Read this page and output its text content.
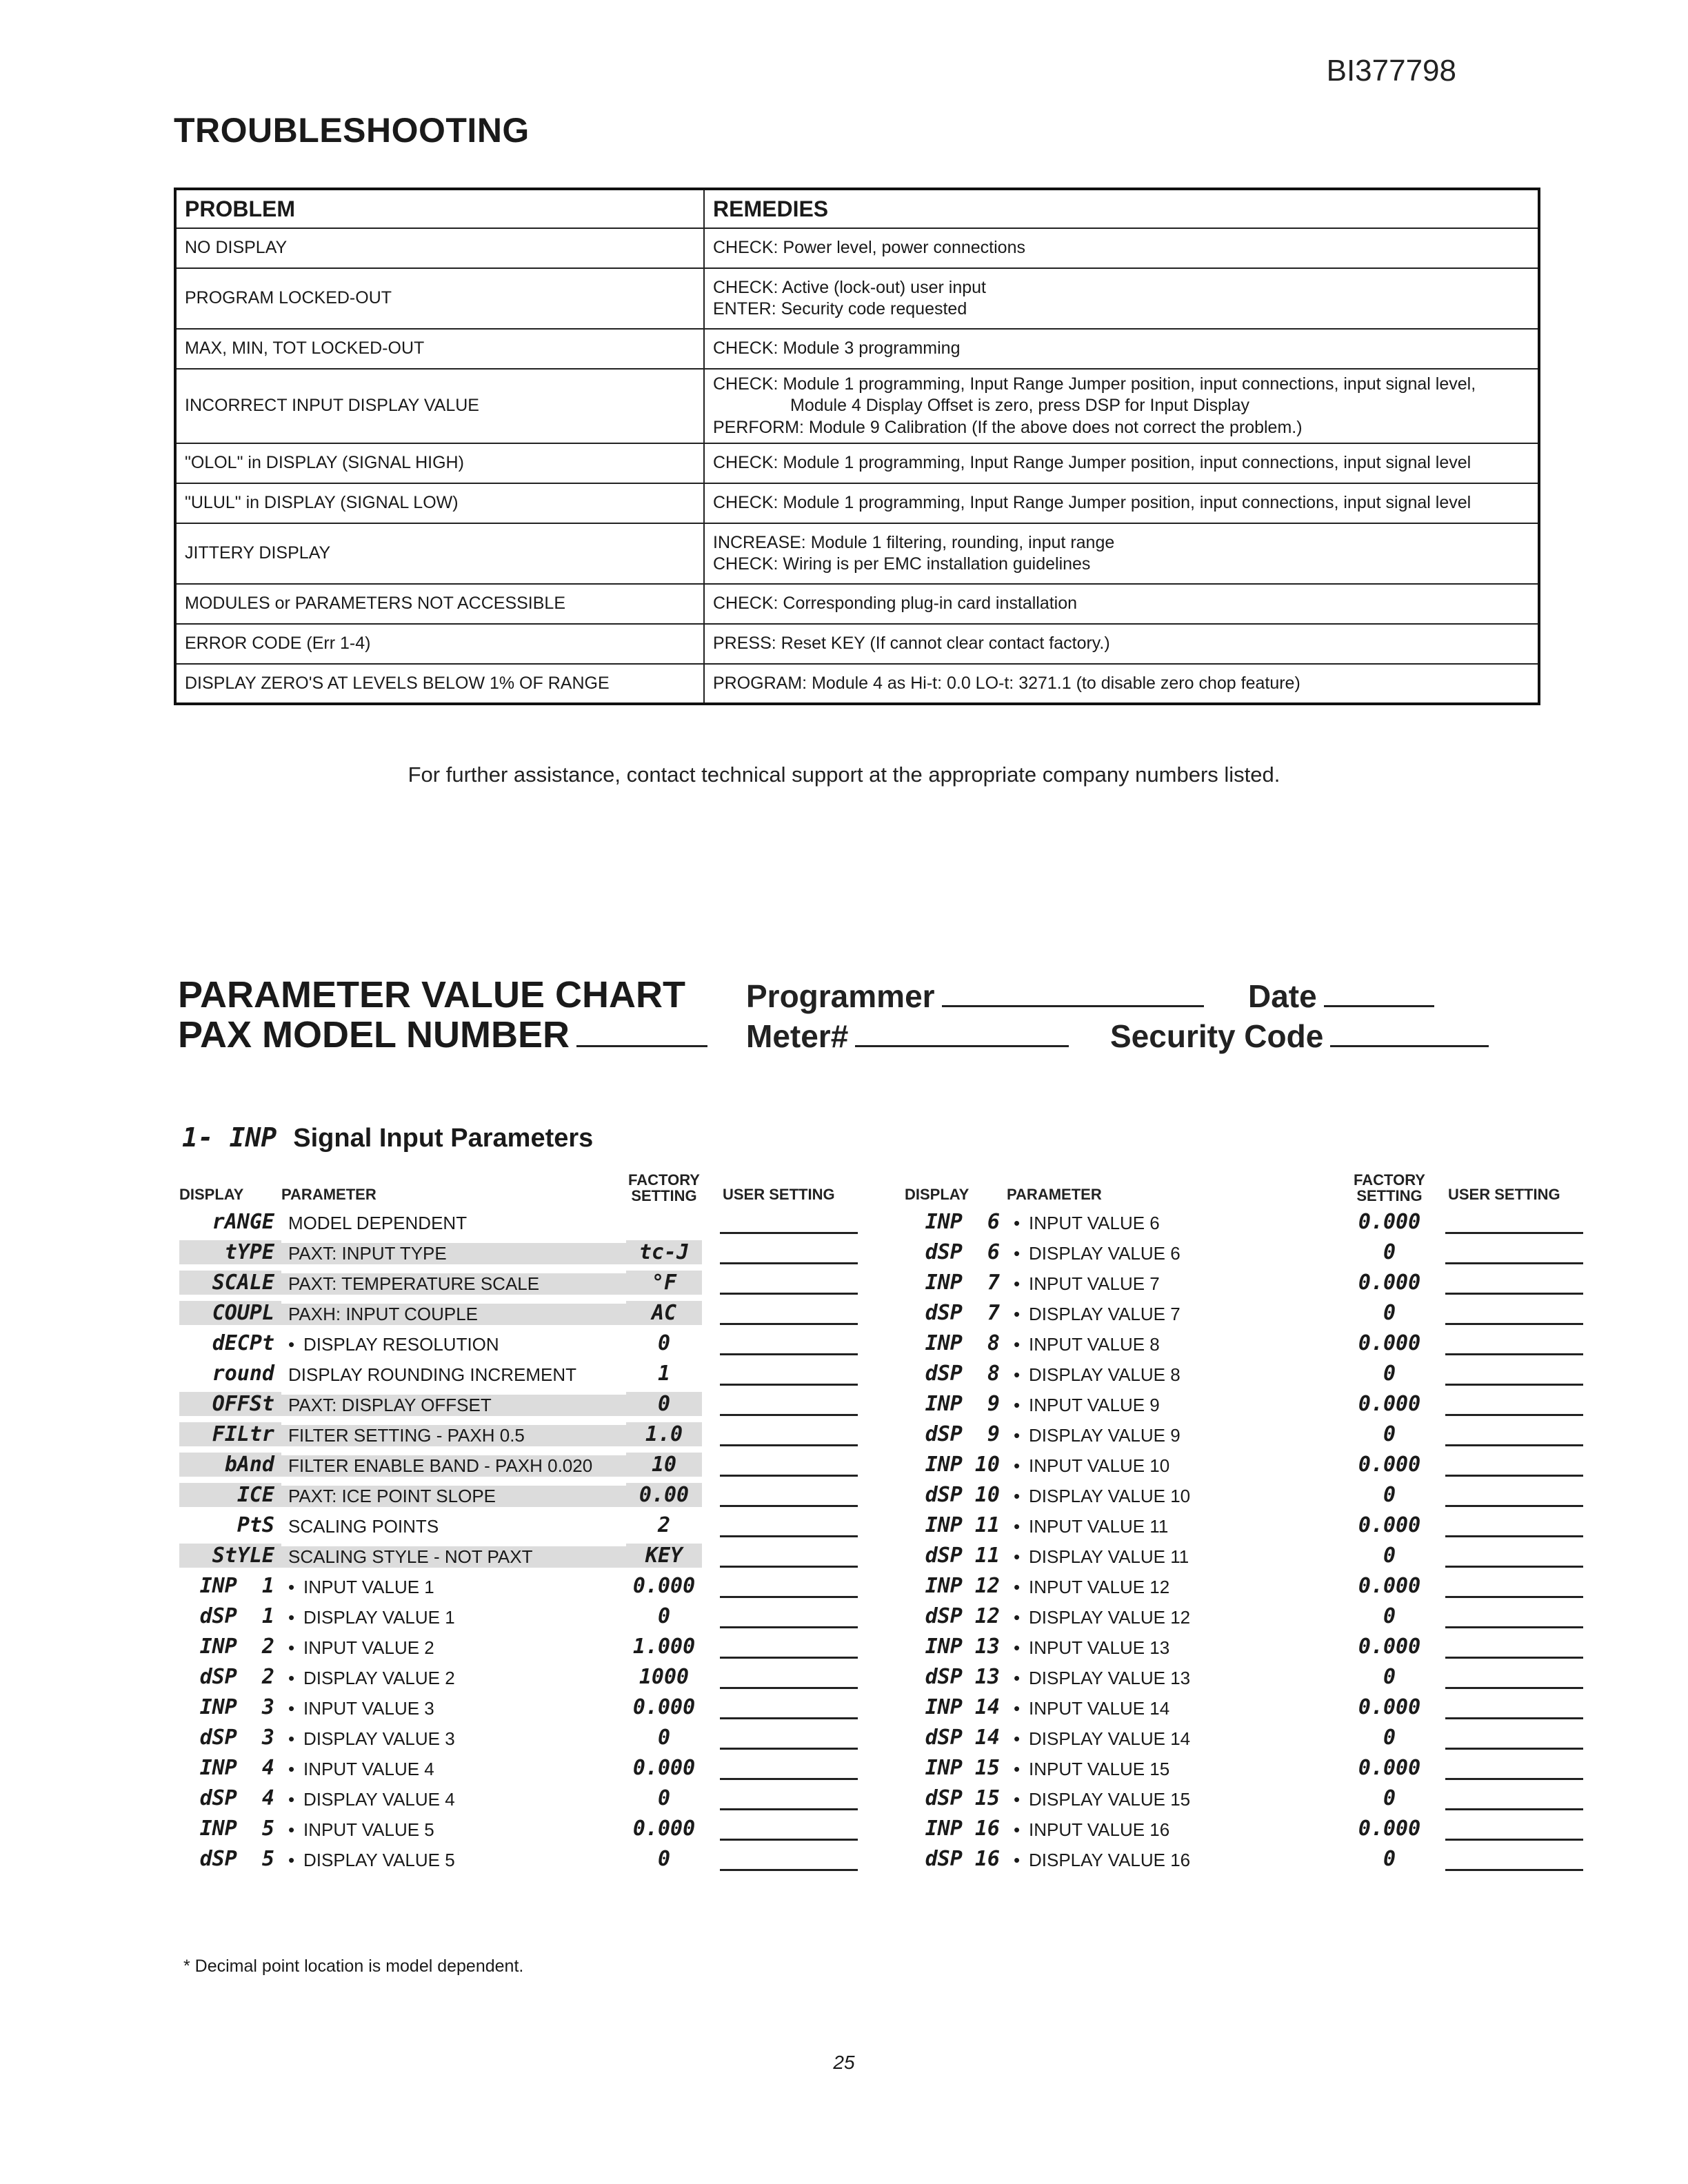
BI377798
TROUBLESHOOTING
PROBLEM	REMEDIES
NO DISPLAY	CHECK: Power level, power connections

PROGRAM LOCKED-OUT	CHECK: Active (lock-out) user input
ENTER: Security code requested

MAX, MIN, TOT LOCKED-OUT	CHECK: Module 3 programming

INCORRECT INPUT DISPLAY VALUE	CHECK: Module 1 programming, Input Range Jumper position, input connections, input signal level,
Module 4 Display Offset is zero, press DSP for Input Display
PERFORM: Module 9 Calibration (If the above does not correct the problem.)

"OLOL" in DISPLAY (SIGNAL HIGH)	CHECK: Module 1 programming, Input Range Jumper position, input connections, input signal level

"ULUL" in DISPLAY (SIGNAL LOW)	CHECK: Module 1 programming, Input Range Jumper position, input connections, input signal level

JITTERY DISPLAY	INCREASE: Module 1 filtering, rounding, input range
CHECK: Wiring is per EMC installation guidelines

MODULES or PARAMETERS NOT ACCESSIBLE	CHECK: Corresponding plug-in card installation

ERROR CODE (Err 1-4)	PRESS: Reset KEY (If cannot clear contact factory.)

DISPLAY ZERO'S AT LEVELS BELOW 1% OF RANGE	PROGRAM: Module 4 as Hi-t: 0.0 LO-t: 3271.1 (to disable zero chop feature)
For further assistance, contact technical support at the appropriate company numbers listed.
PARAMETER VALUE CHART
PAX MODEL NUMBER
Programmer	Date
Meter#	Security Code
1- INP Signal Input Parameters
DISPLAY	PARAMETER
FACTORY SETTING	USER SETTING
rANGE MODEL DEPENDENT
tYPE PAXT: INPUT TYPE	tc-J
SCALE PAXT: TEMPERATURE SCALE	°F
COUPL PAXH: INPUT COUPLE	AC
dECPt • DISPLAY RESOLUTION	0
round DISPLAY ROUNDING INCREMENT	1
OFFSt PAXT: DISPLAY OFFSET	0
FILtr FILTER SETTING - PAXH 0.5	1.0
bAnd FILTER ENABLE BAND - PAXH 0.020	10
ICE PAXT: ICE POINT SLOPE	0.00
PtS SCALING POINTS	2
StYLE SCALING STYLE - NOT PAXT	KEY
INP  1 • INPUT VALUE 1	0.000
dSP  1 • DISPLAY VALUE 1	0
INP  2 • INPUT VALUE 2	1.000
dSP  2 • DISPLAY VALUE 2	1000
INP  3 • INPUT VALUE 3	0.000
dSP  3 • DISPLAY VALUE 3	0
INP  4 • INPUT VALUE 4	0.000
dSP  4 • DISPLAY VALUE 4	0
INP  5 • INPUT VALUE 5	0.000
dSP  5 • DISPLAY VALUE 5	0
DISPLAY	PARAMETER
FACTORY SETTING	USER SETTING
INP  6 • INPUT VALUE 6	0.000
dSP  6 • DISPLAY VALUE 6	0
INP  7 • INPUT VALUE 7	0.000
dSP  7 • DISPLAY VALUE 7	0
INP  8 • INPUT VALUE 8	0.000
dSP  8 • DISPLAY VALUE 8	0
INP  9 • INPUT VALUE 9	0.000
dSP  9 • DISPLAY VALUE 9	0
INP 10 • INPUT VALUE 10	0.000
dSP 10 • DISPLAY VALUE 10	0
INP 11 • INPUT VALUE 11	0.000
dSP 11 • DISPLAY VALUE 11	0
INP 12 • INPUT VALUE 12	0.000
dSP 12 • DISPLAY VALUE 12	0
INP 13 • INPUT VALUE 13	0.000
dSP 13 • DISPLAY VALUE 13	0
INP 14 • INPUT VALUE 14	0.000
dSP 14 • DISPLAY VALUE 14	0
INP 15 • INPUT VALUE 15	0.000
dSP 15 • DISPLAY VALUE 15	0
INP 16 • INPUT VALUE 16	0.000
dSP 16 • DISPLAY VALUE 16	0
* Decimal point location is model dependent.
25
